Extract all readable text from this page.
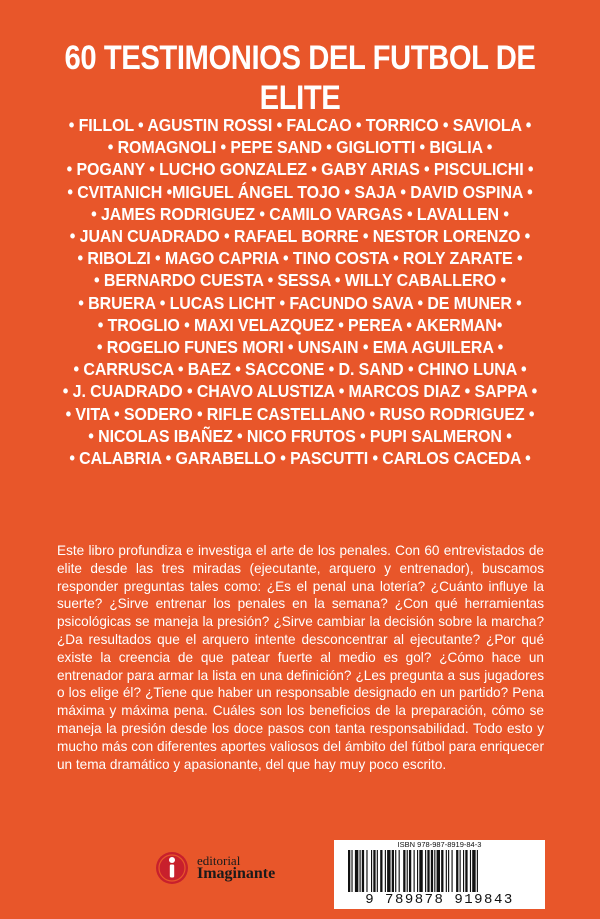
60 TESTIMONIOS DEL FUTBOL DE ELITE
• FILLOL • AGUSTIN ROSSI • FALCAO • TORRICO • SAVIOLA •
• ROMAGNOLI • PEPE SAND • GIGLIOTTI • BIGLIA •
• POGANY • LUCHO GONZALEZ • GABY ARIAS • PISCULICHI •
• CVITANICH •MIGUEL ÁNGEL TOJO • SAJA • DAVID OSPINA •
• JAMES RODRIGUEZ • CAMILO VARGAS • LAVALLEN •
• JUAN CUADRADO • RAFAEL BORRE • NESTOR LORENZO •
• RIBOLZI • MAGO CAPRIA • TINO COSTA • ROLY ZARATE •
• BERNARDO CUESTA • SESSA • WILLY CABALLERO •
• BRUERA • LUCAS LICHT • FACUNDO SAVA • DE MUNER •
• TROGLIO • MAXI VELAZQUEZ • PEREA • AKERMAN•
• ROGELIO FUNES MORI • UNSAIN • EMA AGUILERA •
• CARRUSCA • BAEZ • SACCONE • D. SAND • CHINO LUNA •
• J. CUADRADO • CHAVO ALUSTIZA • MARCOS DIAZ • SAPPA •
• VITA • SODERO • RIFLE CASTELLANO • RUSO RODRIGUEZ •
• NICOLAS IBAÑEZ • NICO FRUTOS • PUPI SALMERON •
• CALABRIA • GARABELLO • PASCUTTI • CARLOS CACEDA •
Este libro profundiza e investiga el arte de los penales. Con 60 entrevistados de elite desde las tres miradas (ejecutante, arquero y entrenador), buscamos responder preguntas tales como: ¿Es el penal una lotería? ¿Cuánto influye la suerte? ¿Sirve entrenar los penales en la semana? ¿Con qué herramientas psicológicas se maneja la presión? ¿Sirve cambiar la decisión sobre la marcha? ¿Da resultados que el arquero intente desconcentrar al ejecutante? ¿Por qué existe la creencia de que patear fuerte al medio es gol? ¿Cómo hace un entrenador para armar la lista en una definición? ¿Les pregunta a sus jugadores o los elige él? ¿Tiene que haber un responsable designado en un partido? Pena máxima y máxima pena. Cuáles son los beneficios de la preparación, cómo se maneja la presión desde los doce pasos con tanta responsabilidad. Todo esto y mucho más con diferentes aportes valiosos del ámbito del fútbol para enriquecer un tema dramático y apasionante, del que hay muy poco escrito.
editorial
Imaginante
ISBN 978-987-8919-84-3
9 789878 919843
